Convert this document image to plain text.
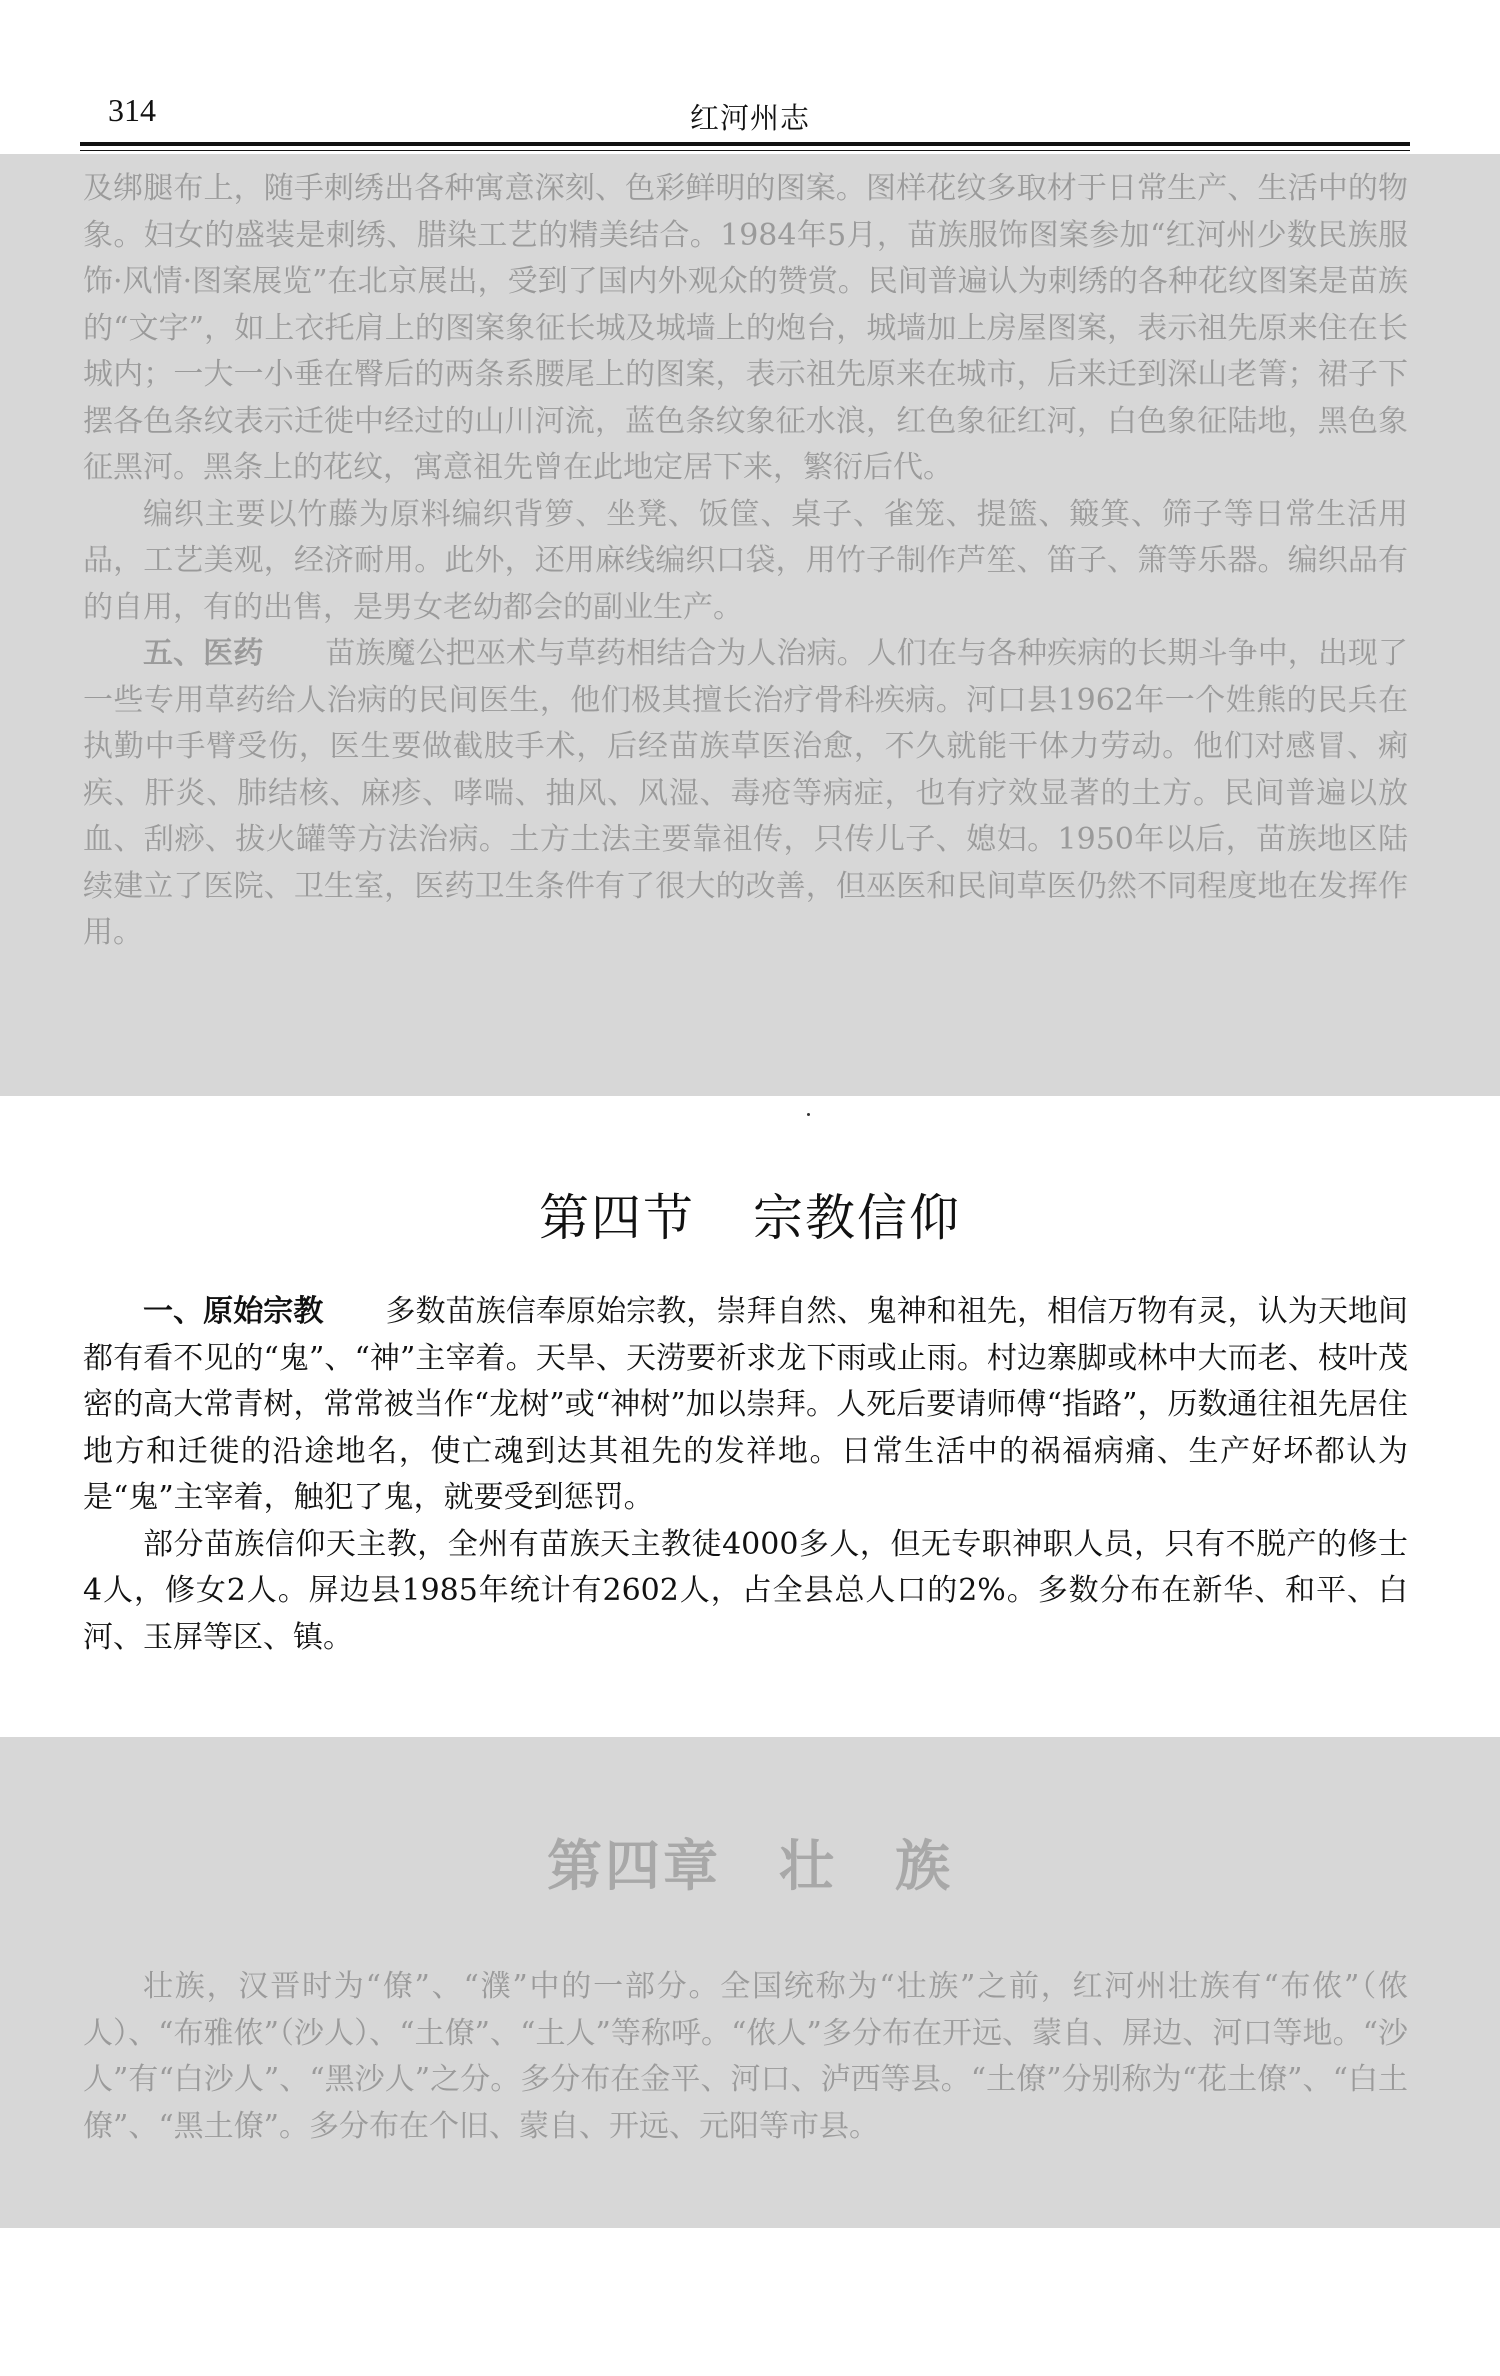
314	红河州志

及绑腿布上，随手刺绣出各种寓意深刻、色彩鲜明的图案。图样花纹多取材于日常生产、生活中的物象。妇女的盛装是刺绣、腊染工艺的精美结合。1984年5月，苗族服饰图案参加“红河州少数民族服饰·风情·图案展览”在北京展出，受到了国内外观众的赞赏。民间普遍认为刺绣的各种花纹图案是苗族的“文字”，如上衣托肩上的图案象征长城及城墙上的炮台，城墙加上房屋图案，表示祖先原来住在长城内；一大一小垂在臀后的两条系腰尾上的图案，表示祖先原来在城市，后来迁到深山老箐；裙子下摆各色条纹表示迁徙中经过的山川河流，蓝色条纹象征水浪，红色象征红河，白色象征陆地，黑色象征黑河。黑条上的花纹，寓意祖先曾在此地定居下来，繁衍后代。

编织主要以竹藤为原料编织背箩、坐凳、饭筐、桌子、雀笼、提篮、簸箕、筛子等日常生活用品，工艺美观，经济耐用。此外，还用麻线编织口袋，用竹子制作芦笙、笛子、箫等乐器。编织品有的自用，有的出售，是男女老幼都会的副业生产。

五、医药 苗族魔公把巫术与草药相结合为人治病。人们在与各种疾病的长期斗争中，出现了一些专用草药给人治病的民间医生，他们极其擅长治疗骨科疾病。河口县1962年一个姓熊的民兵在执勤中手臂受伤，医生要做截肢手术，后经苗族草医治愈，不久就能干体力劳动。他们对感冒、痢疾、肝炎、肺结核、麻疹、哮喘、抽风、风湿、毒疮等病症，也有疗效显著的土方。民间普遍以放血、刮痧、拔火罐等方法治病。土方土法主要靠祖传，只传儿子、媳妇。1950年以后，苗族地区陆续建立了医院、卫生室，医药卫生条件有了很大的改善，但巫医和民间草医仍然不同程度地在发挥作用。

第四节 宗教信仰

一、原始宗教 多数苗族信奉原始宗教，崇拜自然、鬼神和祖先，相信万物有灵，认为天地间都有看不见的“鬼”、“神”主宰着。天旱、天涝要祈求龙下雨或止雨。村边寨脚或林中大而老、枝叶茂密的高大常青树，常常被当作“龙树”或“神树”加以崇拜。人死后要请师傅“指路”，历数通往祖先居住地方和迁徙的沿途地名，使亡魂到达其祖先的发祥地。日常生活中的祸福病痛、生产好坏都认为是“鬼”主宰着，触犯了鬼，就要受到惩罚。

部分苗族信仰天主教，全州有苗族天主教徒4000多人，但无专职神职人员，只有不脱产的修士4人，修女2人。屏边县1985年统计有2602人，占全县总人口的2%。多数分布在新华、和平、白河、玉屏等区、镇。

第四章 壮　族

壮族，汉晋时为“僚”、“濮”中的一部分。全国统称为“壮族”之前，红河州壮族有“布侬”（侬人）、“布雅侬”（沙人）、“土僚”、“土人”等称呼。“侬人”多分布在开远、蒙自、屏边、河口等地。“沙人”有“白沙人”、“黑沙人”之分。多分布在金平、河口、泸西等县。“土僚”分别称为“花土僚”、“白土僚”、“黑土僚”。多分布在个旧、蒙自、开远、元阳等市县。
